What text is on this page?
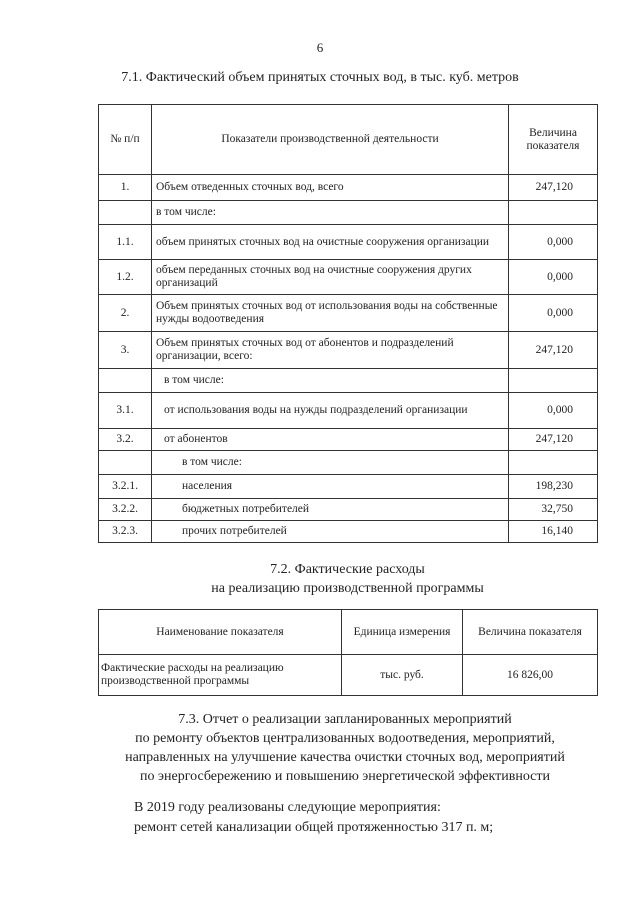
6
7.1. Фактический объем принятых сточных вод, в тыс. куб. метров
№ п/п	Показатели производственной деятельности	Величина показателя
1.	Объем отведенных сточных вод, всего	247,120
	в том числе:	
1.1.	объем принятых сточных вод на очистные сооружения организации	0,000
1.2.	объем переданных сточных вод на очистные сооружения других организаций	0,000
2.	Объем принятых сточных вод от использования воды на собственные нужды водоотведения	0,000
3.	Объем принятых сточных вод от абонентов и подразделений организации, всего:	247,120
	в том числе:	
3.1.	от использования воды на нужды подразделений организации	0,000
3.2.	от абонентов	247,120
	в том числе:	
3.2.1.	населения	198,230
3.2.2.	бюджетных потребителей	32,750
3.2.3.	прочих потребителей	16,140
7.2. Фактические расходы
на реализацию производственной программы
Наименование показателя	Единица измерения	Величина показателя
Фактические расходы на реализацию производственной программы	тыс. руб.	16 826,00
7.3. Отчет о реализации запланированных мероприятий
по ремонту объектов централизованных водоотведения, мероприятий,
направленных на улучшение качества очистки сточных вод, мероприятий
по энергосбережению и повышению энергетической эффективности
В 2019 году реализованы следующие мероприятия:
ремонт сетей канализации общей протяженностью 317 п. м;
